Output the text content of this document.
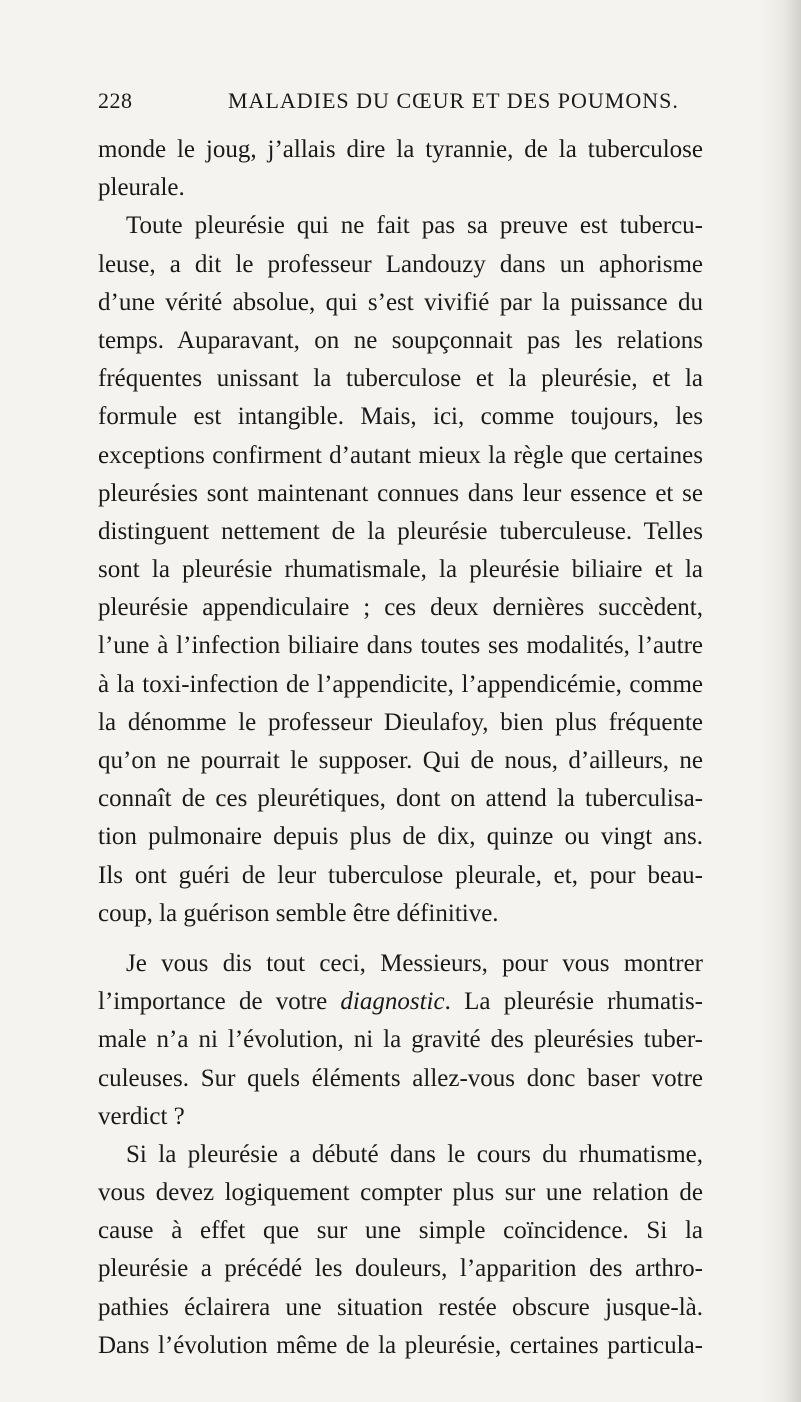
228	MALADIES DU CŒUR ET DES POUMONS.
monde le joug, j’allais dire la tyrannie, de la tuberculose
pleurale.
Toute pleurésie qui ne fait pas sa preuve est tubercu-
leuse, a dit le professeur Landouzy dans un aphorisme
d’une vérité absolue, qui s’est vivifié par la puissance du
temps. Auparavant, on ne soupçonnait pas les relations
fréquentes unissant la tuberculose et la pleurésie, et la
formule est intangible. Mais, ici, comme toujours, les
exceptions confirment d’autant mieux la règle que certaines
pleurésies sont maintenant connues dans leur essence et se
distinguent nettement de la pleurésie tuberculeuse. Telles
sont la pleurésie rhumatismale, la pleurésie biliaire et la
pleurésie appendiculaire ; ces deux dernières succèdent,
l’une à l’infection biliaire dans toutes ses modalités, l’autre
à la toxi-infection de l’appendicite, l’appendicémie, comme
la dénomme le professeur Dieulafoy, bien plus fréquente
qu’on ne pourrait le supposer. Qui de nous, d’ailleurs, ne
connaît de ces pleurétiques, dont on attend la tuberculisa-
tion pulmonaire depuis plus de dix, quinze ou vingt ans.
Ils ont guéri de leur tuberculose pleurale, et, pour beau-
coup, la guérison semble être définitive.
Je vous dis tout ceci, Messieurs, pour vous montrer
l’importance de votre diagnostic. La pleurésie rhumatis-
male n’a ni l’évolution, ni la gravité des pleurésies tuber-
culeuses. Sur quels éléments allez-vous donc baser votre
verdict ?
Si la pleurésie a débuté dans le cours du rhumatisme,
vous devez logiquement compter plus sur une relation de
cause à effet que sur une simple coïncidence. Si la
pleurésie a précédé les douleurs, l’apparition des arthro-
pathies éclairera une situation restée obscure jusque-là.
Dans l’évolution même de la pleurésie, certaines particula-
